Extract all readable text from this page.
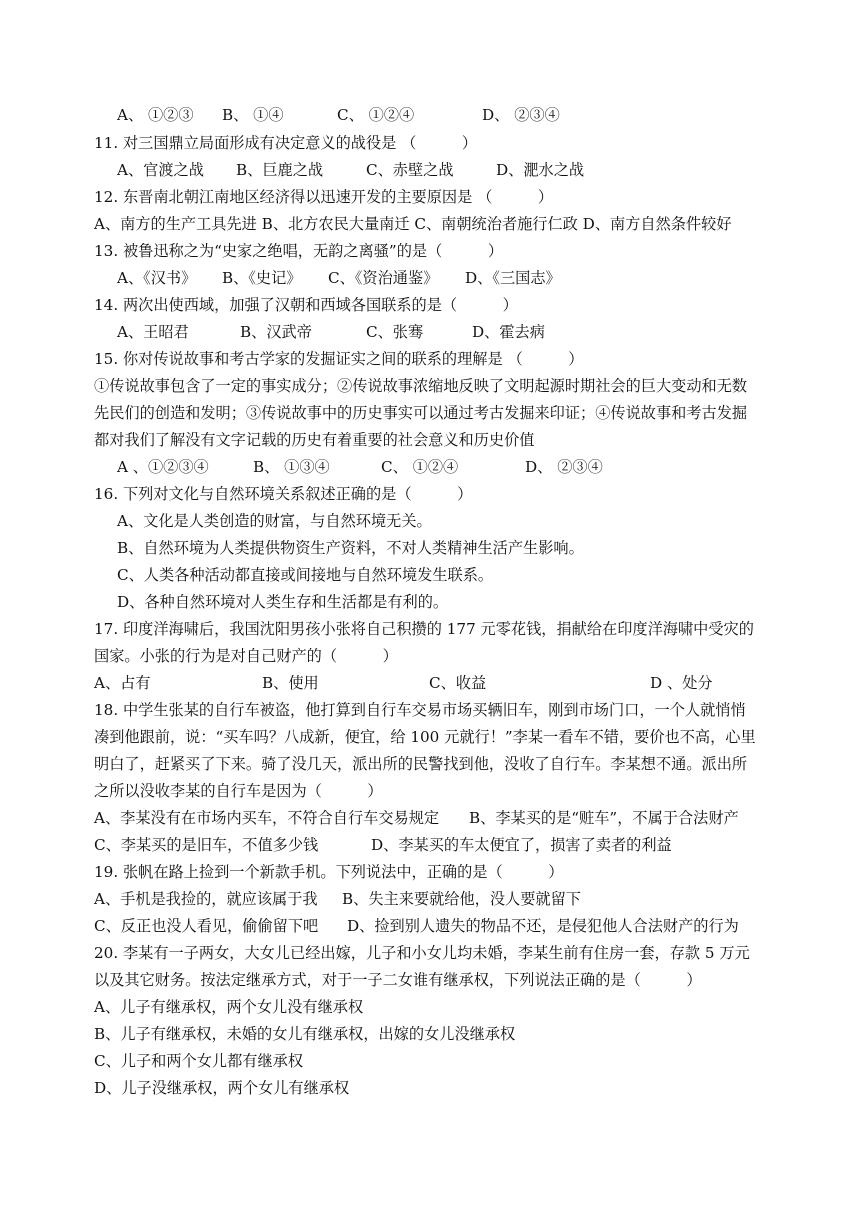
A、 ①②③ B、 ①④	C、 ①②④	D、 ②③④
11. 对三国鼎立局面形成有决定意义的战役是 （　　　）
A、官渡之战 B、巨鹿之战	C、赤壁之战	D、淝水之战
12. 东晋南北朝江南地区经济得以迅速开发的主要原因是 （　　　）
A、南方的生产工具先进 B、北方农民大量南迁 C、南朝统治者施行仁政 D、南方自然条件较好
13. 被鲁迅称之为“史家之绝唱，无韵之离骚”的是（　　　）
A、《汉书》 B、《史记》 C、《资治通鉴》 D、《三国志》
14. 两次出使西域，加强了汉朝和西域各国联系的是（　　　）
A、王昭君	B、汉武帝	C、张骞	D、霍去病
15. 你对传说故事和考古学家的发掘证实之间的联系的理解是 （　　　）
①传说故事包含了一定的事实成分；②传说故事浓缩地反映了文明起源时期社会的巨大变动和无数
先民们的创造和发明；③传说故事中的历史事实可以通过考古发掘来印证；④传说故事和考古发掘
都对我们了解没有文字记载的历史有着重要的社会意义和历史价值
A 、①②③④	B、 ①③④	C、 ①②④	D、 ②③④
16. 下列对文化与自然环境关系叙述正确的是（　　　）
A、文化是人类创造的财富，与自然环境无关。
B、自然环境为人类提供物资生产资料，不对人类精神生活产生影响。
C、人类各种活动都直接或间接地与自然环境发生联系。
D、各种自然环境对人类生存和生活都是有利的。
17. 印度洋海啸后，我国沈阳男孩小张将自己积攒的 177 元零花钱，捐献给在印度洋海啸中受灾的
国家。小张的行为是对自己财产的（　　　）
A、占有	B、使用	C、收益	D 、处分
18. 中学生张某的自行车被盗，他打算到自行车交易市场买辆旧车，刚到市场门口，一个人就悄悄
凑到他跟前，说：“买车吗？八成新，便宜，给 100 元就行！”李某一看车不错，要价也不高，心里
明白了，赶紧买了下来。骑了没几天，派出所的民警找到他，没收了自行车。李某想不通。派出所
之所以没收李某的自行车是因为（　　　）
A、李某没有在市场内买车，不符合自行车交易规定 B、李某买的是“赃车”，不属于合法财产
C、李某买的是旧车，不值多少钱	D、李某买的车太便宜了，损害了卖者的利益
19. 张帆在路上捡到一个新款手机。下列说法中，正确的是（　　　）
A、手机是我捡的，就应该属于我 B、失主来要就给他，没人要就留下
C、反正也没人看见，偷偷留下吧 D、捡到别人遗失的物品不还，是侵犯他人合法财产的行为
20. 李某有一子两女，大女儿已经出嫁，儿子和小女儿均未婚，李某生前有住房一套，存款 5 万元
以及其它财务。按法定继承方式，对于一子二女谁有继承权，下列说法正确的是（　　　）
A、儿子有继承权，两个女儿没有继承权
B、儿子有继承权，未婚的女儿有继承权，出嫁的女儿没继承权
C、儿子和两个女儿都有继承权
D、儿子没继承权，两个女儿有继承权
